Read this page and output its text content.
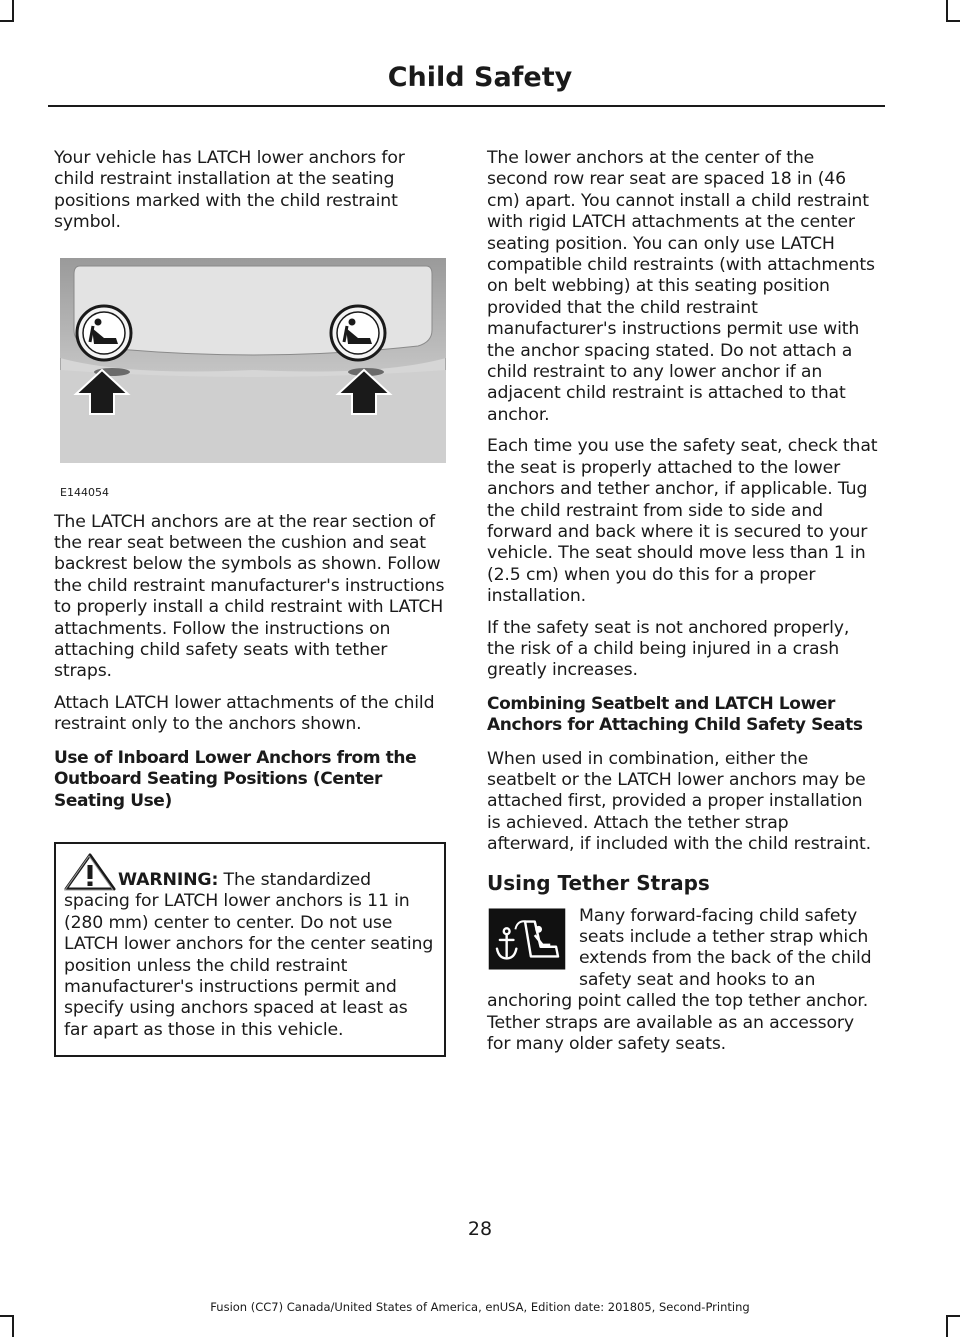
Child Safety

Your vehicle has LATCH lower anchors for child restraint installation at the seating positions marked with the child restraint symbol.

E144054

The LATCH anchors are at the rear section of the rear seat between the cushion and seat backrest below the symbols as shown. Follow the child restraint manufacturer's instructions to properly install a child restraint with LATCH attachments. Follow the instructions on attaching child safety seats with tether straps.

Attach LATCH lower attachments of the child restraint only to the anchors shown.

Use of Inboard Lower Anchors from the Outboard Seating Positions (Center Seating Use)

WARNING: The standardized spacing for LATCH lower anchors is 11 in (280 mm) center to center. Do not use LATCH lower anchors for the center seating position unless the child restraint manufacturer's instructions permit and specify using anchors spaced at least as far apart as those in this vehicle.

The lower anchors at the center of the second row rear seat are spaced 18 in (46 cm) apart. You cannot install a child restraint with rigid LATCH attachments at the center seating position. You can only use LATCH compatible child restraints (with attachments on belt webbing) at this seating position provided that the child restraint manufacturer's instructions permit use with the anchor spacing stated. Do not attach a child restraint to any lower anchor if an adjacent child restraint is attached to that anchor.

Each time you use the safety seat, check that the seat is properly attached to the lower anchors and tether anchor, if applicable. Tug the child restraint from side to side and forward and back where it is secured to your vehicle. The seat should move less than 1 in (2.5 cm) when you do this for a proper installation.

If the safety seat is not anchored properly, the risk of a child being injured in a crash greatly increases.

Combining Seatbelt and LATCH Lower Anchors for Attaching Child Safety Seats

When used in combination, either the seatbelt or the LATCH lower anchors may be attached first, provided a proper installation is achieved. Attach the tether strap afterward, if included with the child restraint.

Using Tether Straps

Many forward-facing child safety seats include a tether strap which extends from the back of the child safety seat and hooks to an anchoring point called the top tether anchor. Tether straps are available as an accessory for many older safety seats.

28
Fusion (CC7) Canada/United States of America, enUSA, Edition date: 201805, Second-Printing
